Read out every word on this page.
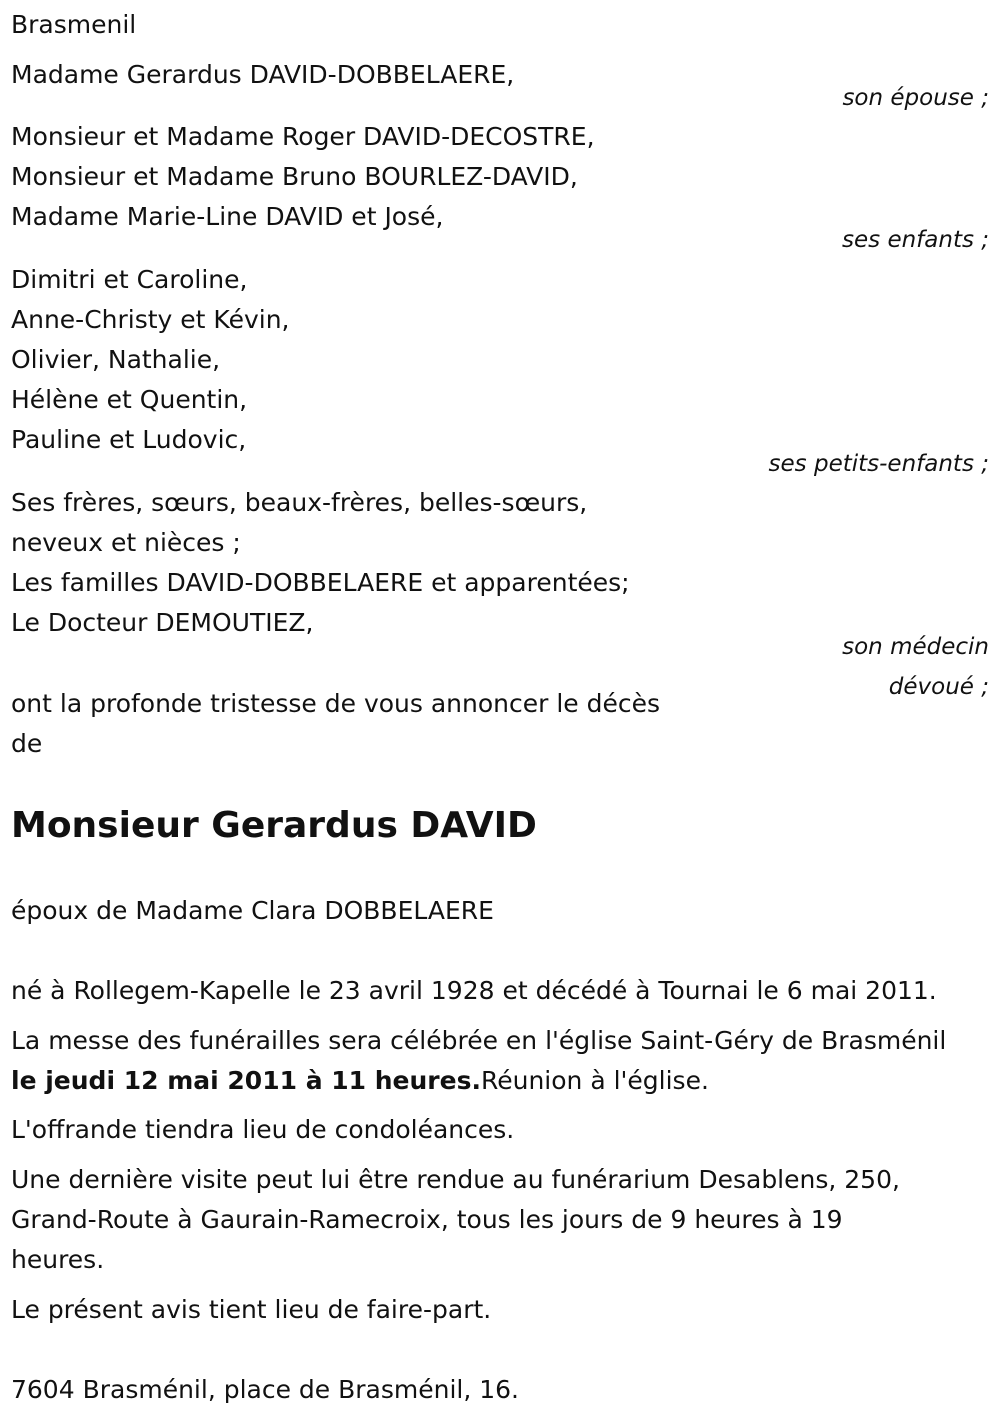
Brasmenil

Madame Gerardus DAVID-DOBBELAERE,

son épouse ;

Monsieur et Madame Roger DAVID-DECOSTRE,

Monsieur et Madame Bruno BOURLEZ-DAVID,

Madame Marie-Line DAVID et José,

ses enfants ;

Dimitri et Caroline,

Anne-Christy et Kévin,

Olivier, Nathalie,

Hélène et Quentin,

Pauline et Ludovic,

ses petits-enfants ;

Ses frères, sœurs, beaux-frères, belles-sœurs,

neveux et nièces ;

Les familles DAVID-DOBBELAERE et apparentées;

Le Docteur DEMOUTIEZ,

son médecin

dévoué ;

ont la profonde tristesse de vous annoncer le décès

de

Monsieur Gerardus DAVID

époux de Madame Clara DOBBELAERE

né à Rollegem-Kapelle le 23 avril 1928 et décédé à Tournai le 6 mai 2011.

La messe des funérailles sera célébrée en l'église Saint-Géry de Brasménil

le jeudi 12 mai 2011 à 11 heures.Réunion à l'église.

L'offrande tiendra lieu de condoléances.

Une dernière visite peut lui être rendue au funérarium Desablens, 250,

Grand-Route à Gaurain-Ramecroix, tous les jours de 9 heures à 19

heures.

Le présent avis tient lieu de faire-part.

7604 Brasménil, place de Brasménil, 16.
